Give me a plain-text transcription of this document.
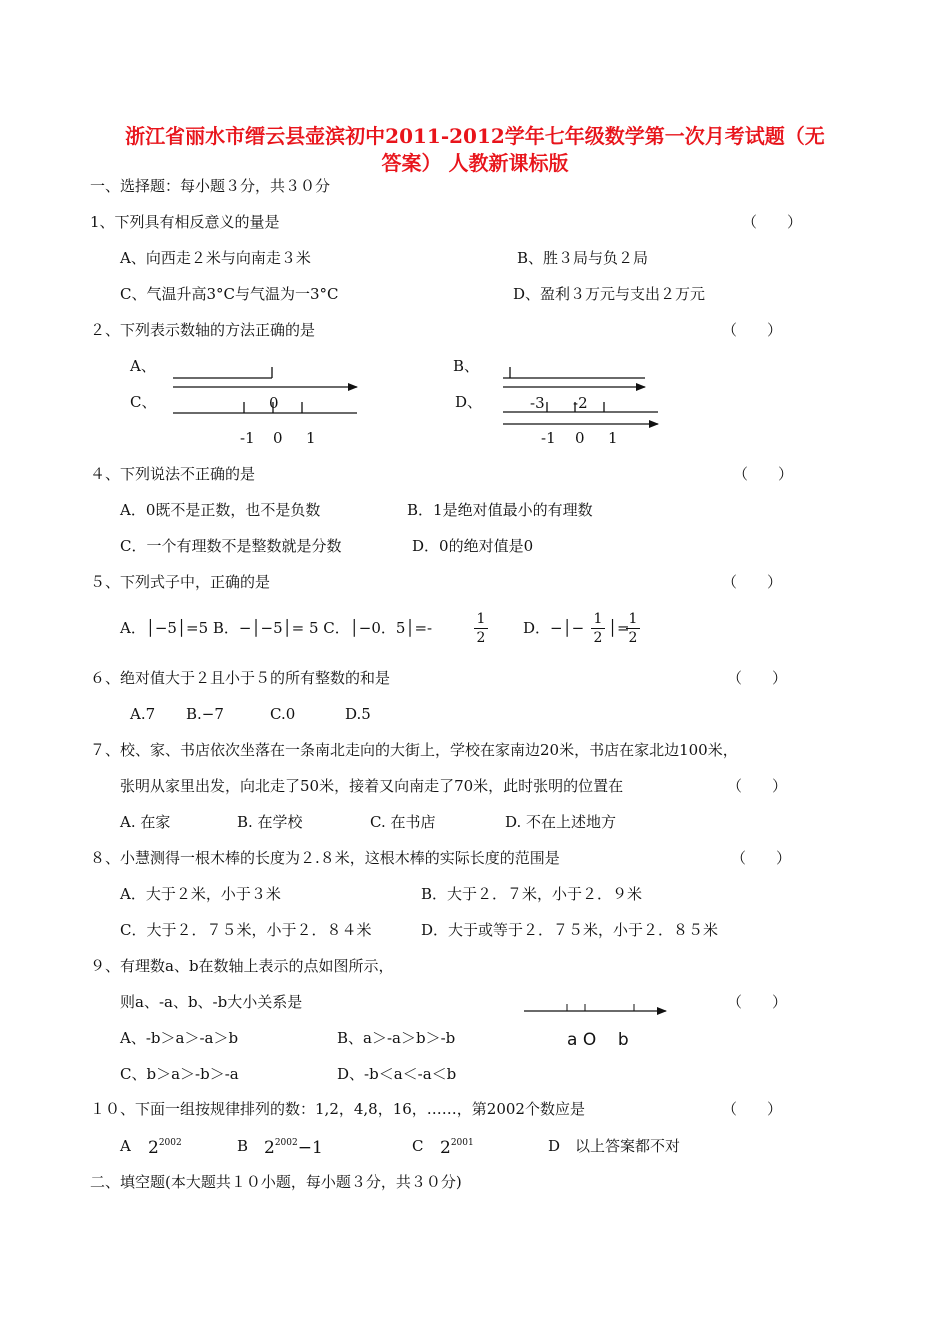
浙江省丽水市缙云县壶滨初中2011-2012学年七年级数学第一次月考试题（无
答案） 人教新课标版
一、选择题：每小题３分，共３０分
1、下列具有相反意义的量是	（　　）
A、向西走２米与向南走３米	B、胜３局与负２局
C、气温升高3°C与气温为一3°C	D、盈利３万元与支出２万元
２、下列表示数轴的方法正确的是	（　　）
A、	B、
C、	D、
0	-3 -2
-1 0 1	-1 0 1
４、下列说法不正确的是	（　　）
A．0既不是正数，也不是负数	B．1是绝对值最小的有理数
C．一个有理数不是整数就是分数	D．0的绝对值是0
５、下列式子中，正确的是	（　　）
A．│−5│=5 B．−│−5│= 5 C．│−0．5│=-	1
2
D．−│− 1
2
│=
1
2
６、绝对值大于２且小于５的所有整数的和是	（　　）
A.7 B.−7	C.0	D.5
７、校、家、书店依次坐落在一条南北走向的大街上，学校在家南边20米，书店在家北边100米，
张明从家里出发，向北走了50米，接着又向南走了70米，此时张明的位置在	（　　）
A. 在家	B. 在学校	C. 在书店	D. 不在上述地方
８、小慧测得一根木棒的长度为２.８米，这根木棒的实际长度的范围是	（　　）
A．大于２米，小于３米	B．大于２．７米，小于２．９米
C．大于２．７５米，小于２．８４米	D．大于或等于２．７５米，小于２．８５米
９、有理数a、b在数轴上表示的点如图所示，
则a、-a、b、-b大小关系是	（　　）
a O    b
A、-b＞a＞-a＞b	B、a＞-a＞b＞-b
C、b＞a＞-b＞-a	D、-b＜a＜-a＜b
１０、下面一组按规律排列的数：1,2，4,8，16，……，第2002个数应是	（　　）
A $2^{2002}$	B $2^{2002}-1$	C $2^{2001}$	D　以上答案都不对
二、填空题(本大题共１０小题，每小题３分，共３０分)
